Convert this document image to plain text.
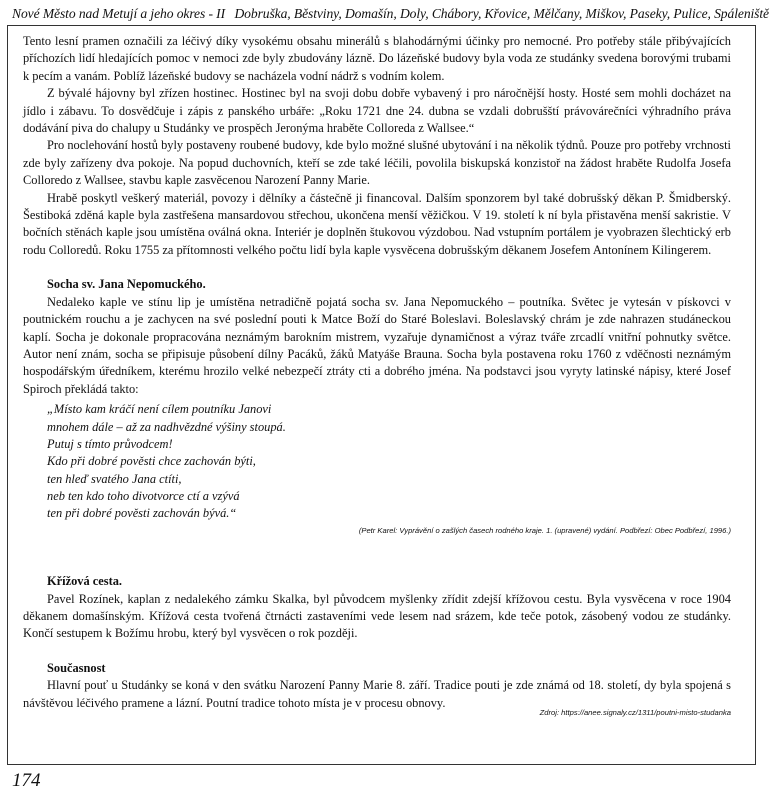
Nové Město nad Metují a jeho okres - II Dobruška, Běstviny, Domašín, Doly, Chábory, Křovice, Mělčany, Miškov, Paseky, Pulice, Spáleniště

Tento lesní pramen označili za léčivý díky vysokému obsahu minerálů s blahodárnými účinky pro nemocné. Pro potřeby stále přibývajících příchozích lidí hledajících pomoc v nemoci zde byly zbudovány lázně. Do lázeňské budovy byla voda ze studánky svedena borovými trubami k pecím a vanám. Poblíž lázeňské budovy se nacházela vodní nádrž s vodním kolem.

Z bývalé hájovny byl zřízen hostinec. Hostinec byl na svoji dobu dobře vybavený i pro náročnější hosty. Hosté sem mohli docházet na jídlo i zábavu. To dosvědčuje i zápis z panského urbáře: „Roku 1721 dne 24. dubna se vzdali dobrušští právovárečníci výhradního práva dodávání piva do chalupy u Studánky ve prospěch Jeronýma hraběte Colloreda z Wallsee.“

Pro noclehování hostů byly postaveny roubené budovy, kde bylo možné slušné ubytování i na několik týdnů. Pouze pro potřeby vrchnosti zde byly zařízeny dva pokoje. Na popud duchovních, kteří se zde také léčili, povolila biskupská konzistoř na žádost hraběte Rudolfa Josefa Colloredo z Wallsee, stavbu kaple zasvěcenou Narození Panny Marie.

Hrabě poskytl veškerý materiál, povozy i dělníky a částečně ji financoval. Dalším sponzorem byl také dobrušský děkan P. Šmidberský. Šestiboká zděná kaple byla zastřešena mansardovou střechou, ukončena menší věžičkou. V 19. století k ní byla přistavěna menší sakristie. V bočních stěnách kaple jsou umístěna oválná okna. Interiér je doplněn štukovou výzdobou. Nad vstupním portálem je vyobrazen šlechtický erb rodu Colloredů. Roku 1755 za přítomnosti velkého počtu lidí byla kaple vysvěcena dobrušským děkanem Josefem Antonínem Kilingerem.

Socha sv. Jana Nepomuckého.

Nedaleko kaple ve stínu lip je umístěna netradičně pojatá socha sv. Jana Nepomuckého – poutníka. Světec je vytesán v pískovci v poutnickém rouchu a je zachycen na své poslední pouti k Matce Boží do Staré Boleslavi. Boleslavský chrám je zde nahrazen studáneckou kaplí. Socha je dokonale propracována neznámým barokním mistrem, vyzařuje dynamičnost a výraz tváře zrcadlí vnitřní pohnutky světce. Autor není znám, socha se připisuje působení dílny Pacáků, žáků Matyáše Brauna. Socha byla postavena roku 1760 z vděčnosti neznámým hospodářským úředníkem, kterému hrozilo velké nebezpečí ztráty cti a dobrého jména. Na podstavci jsou vyryty latinské nápisy, které Josef Spiroch překládá takto:

„Místo kam kráčí není cílem poutníku Janovi
mnohem dále – až za nadhvězdné výšiny stoupá.
Putuj s tímto průvodcem!
Kdo při dobré pověsti chce zachován býti,
ten hleď svatého Jana ctíti,
neb ten kdo toho divotvorce ctí a vzývá
ten při dobré pověsti zachován bývá.“
(Petr Karel: Vyprávění o zašlých časech rodného kraje. 1. (upravené) vydání. Podbřezí: Obec Podbřezí, 1996.)
Křížová cesta.

Pavel Rozínek, kaplan z nedalekého zámku Skalka, byl původcem myšlenky zřídit zdejší křížovou cestu. Byla vysvěcena v roce 1904 děkanem domašínským. Křížová cesta tvořená čtrnácti zastaveními vede lesem nad srázem, kde teče potok, zásobený vodou ze studánky. Končí sestupem k Božímu hrobu, který byl vysvěcen o rok později.

Současnost

Hlavní pouť u Studánky se koná v den svátku Narození Panny Marie 8. září. Tradice pouti je zde známá od 18. století, dy byla spojená s návštěvou léčivého pramene a lázní. Poutní tradice tohoto místa je v procesu obnovy.

Zdroj: https://anee.signaly.cz/1311/poutni-misto-studanka
174
